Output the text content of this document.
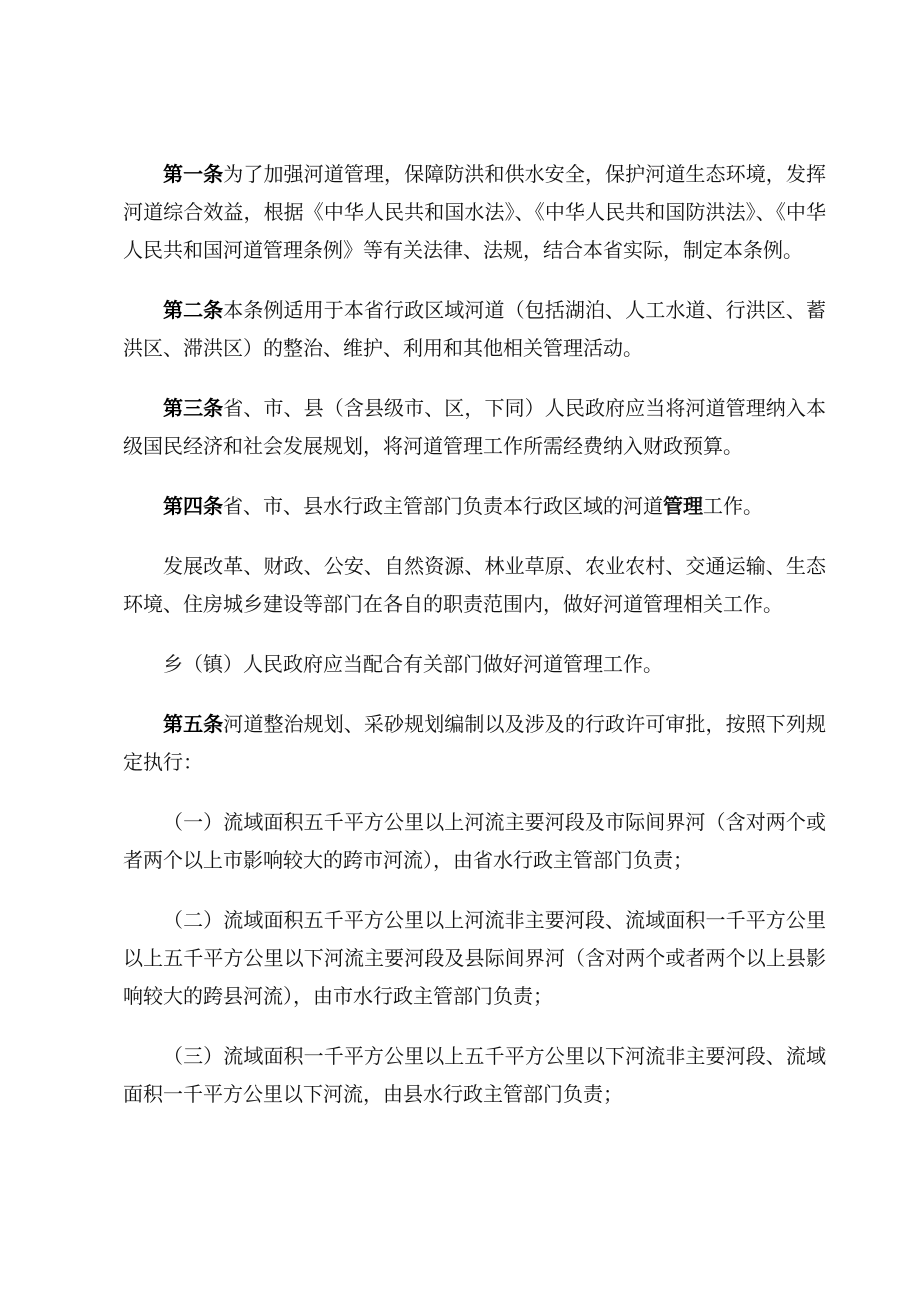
第一条为了加强河道管理，保障防洪和供水安全，保护河道生态环境，发挥河道综合效益，根据《中华人民共和国水法》、《中华人民共和国防洪法》、《中华人民共和国河道管理条例》等有关法律、法规，结合本省实际，制定本条例。

第二条本条例适用于本省行政区域河道（包括湖泊、人工水道、行洪区、蓄洪区、滞洪区）的整治、维护、利用和其他相关管理活动。

第三条省、市、县（含县级市、区，下同）人民政府应当将河道管理纳入本级国民经济和社会发展规划，将河道管理工作所需经费纳入财政预算。

第四条省、市、县水行政主管部门负责本行政区域的河道管理工作。

发展改革、财政、公安、自然资源、林业草原、农业农村、交通运输、生态环境、住房城乡建设等部门在各自的职责范围内，做好河道管理相关工作。

乡（镇）人民政府应当配合有关部门做好河道管理工作。

第五条河道整治规划、采砂规划编制以及涉及的行政许可审批，按照下列规定执行：

（一）流域面积五千平方公里以上河流主要河段及市际间界河（含对两个或者两个以上市影响较大的跨市河流），由省水行政主管部门负责；

（二）流域面积五千平方公里以上河流非主要河段、流域面积一千平方公里以上五千平方公里以下河流主要河段及县际间界河（含对两个或者两个以上县影响较大的跨县河流），由市水行政主管部门负责；

（三）流域面积一千平方公里以上五千平方公里以下河流非主要河段、流域面积一千平方公里以下河流，由县水行政主管部门负责；
